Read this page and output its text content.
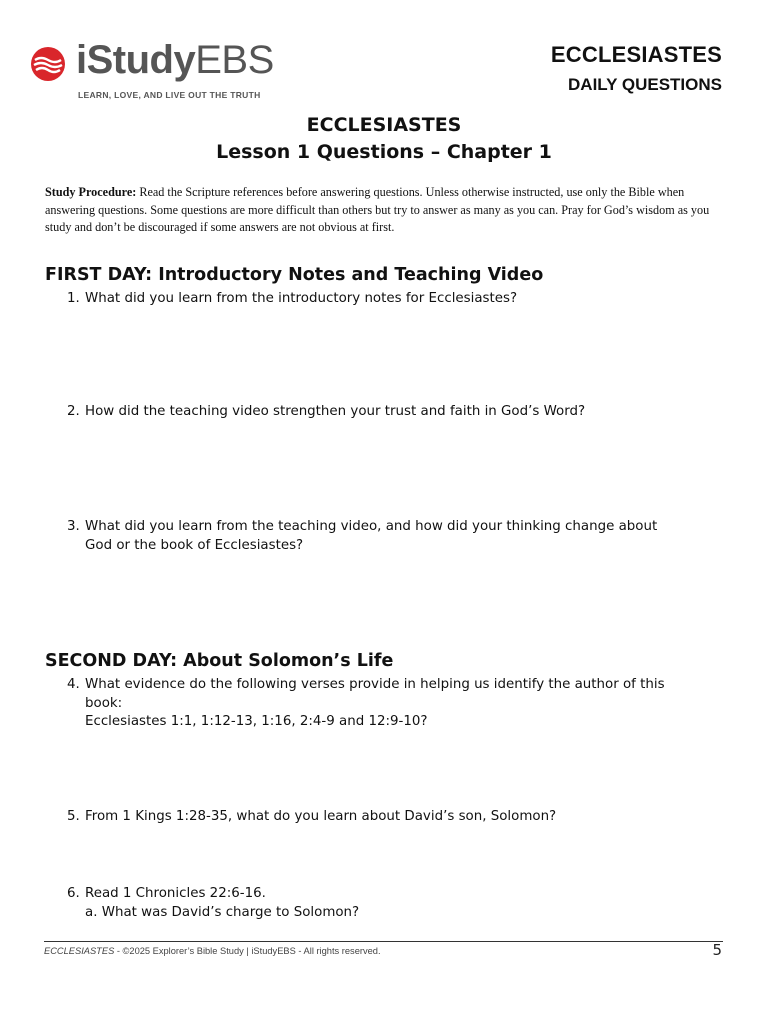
iStudyEBS
LEARN, LOVE, AND LIVE OUT THE TRUTH
ECCLESIASTES
DAILY QUESTIONS
ECCLESIASTES
Lesson 1 Questions – Chapter 1
Study Procedure: Read the Scripture references before answering questions. Unless otherwise instructed, use only the Bible when answering questions. Some questions are more difficult than others but try to answer as many as you can. Pray for God’s wisdom as you study and don’t be discouraged if some answers are not obvious at first.
FIRST DAY: Introductory Notes and Teaching Video
1. What did you learn from the introductory notes for Ecclesiastes?
2. How did the teaching video strengthen your trust and faith in God’s Word?
3. What did you learn from the teaching video, and how did your thinking change about
God or the book of Ecclesiastes?
SECOND DAY: About Solomon’s Life
4. What evidence do the following verses provide in helping us identify the author of this
book:
Ecclesiastes 1:1, 1:12-13, 1:16, 2:4-9 and 12:9-10?
5. From 1 Kings 1:28-35, what do you learn about David’s son, Solomon?
6. Read 1 Chronicles 22:6-16.
a. What was David’s charge to Solomon?
ECCLESIASTES - ©2025 Explorer’s Bible Study | iStudyEBS - All rights reserved.	5
